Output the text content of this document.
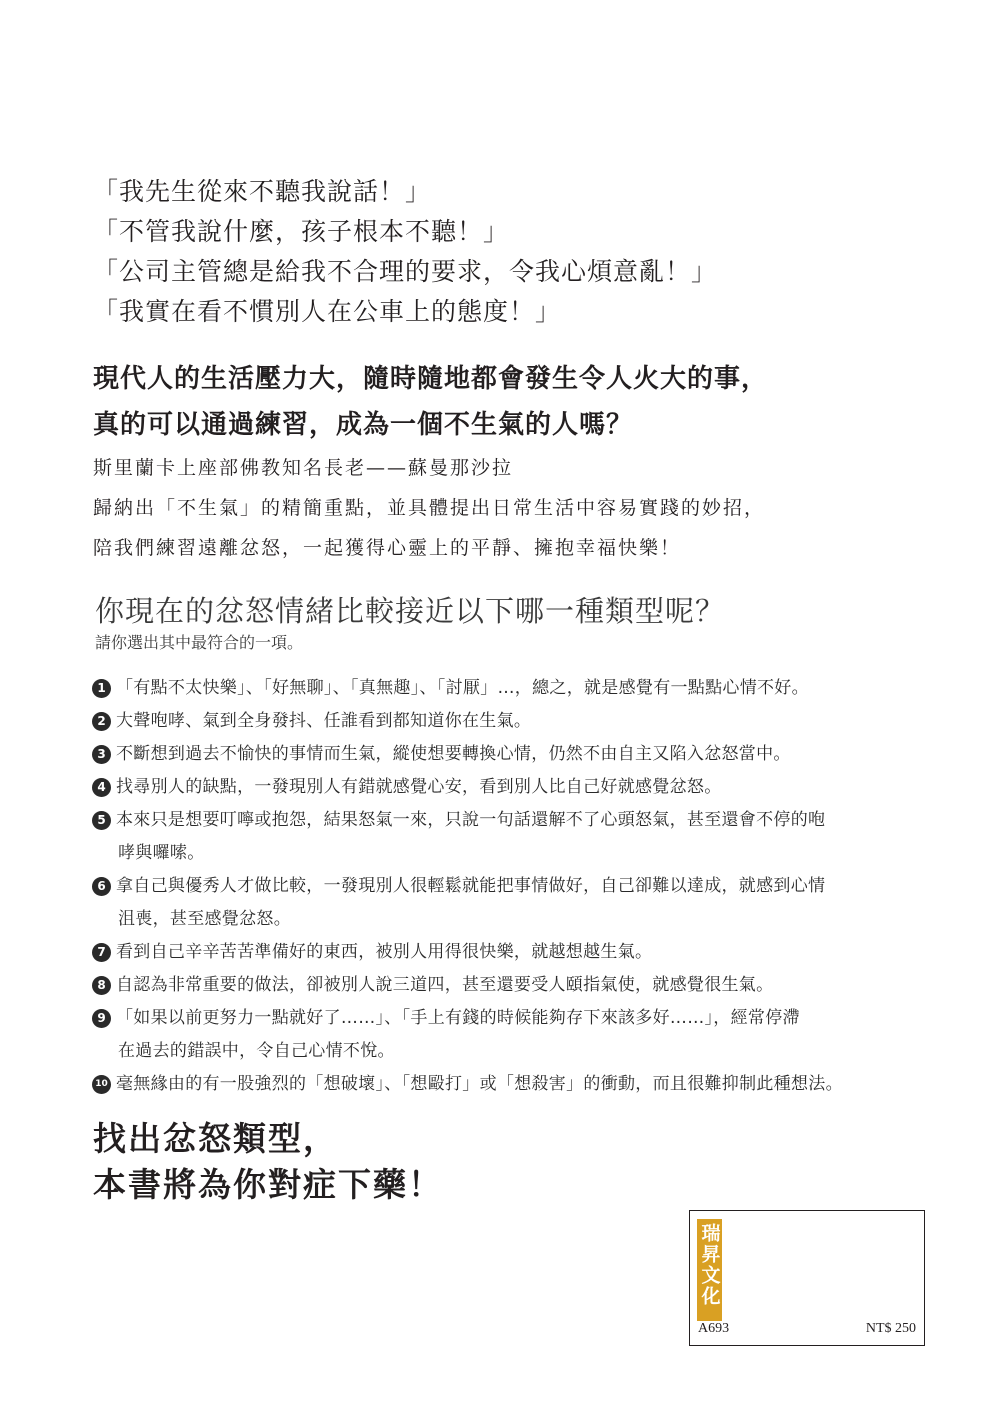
「我先生從來不聽我說話！」
「不管我說什麼，孩子根本不聽！」
「公司主管總是給我不合理的要求，令我心煩意亂！」
「我實在看不慣別人在公車上的態度！」
現代人的生活壓力大，隨時隨地都會發生令人火大的事，
真的可以通過練習，成為一個不生氣的人嗎？
斯里蘭卡上座部佛教知名長老——蘇曼那沙拉
歸納出「不生氣」的精簡重點，並具體提出日常生活中容易實踐的妙招，
陪我們練習遠離忿怒，一起獲得心靈上的平靜、擁抱幸福快樂！
你現在的忿怒情緒比較接近以下哪一種類型呢？
請你選出其中最符合的一項。
1 「有點不太快樂」、「好無聊」、「真無趣」、「討厭」…，總之，就是感覺有一點點心情不好。
2 大聲咆哮、氣到全身發抖、任誰看到都知道你在生氣。
3 不斷想到過去不愉快的事情而生氣，縱使想要轉換心情，仍然不由自主又陷入忿怒當中。
4 找尋別人的缺點，一發現別人有錯就感覺心安，看到別人比自己好就感覺忿怒。
5 本來只是想要叮嚀或抱怨，結果怒氣一來，只說一句話還解不了心頭怒氣，甚至還會不停的咆
哮與囉嗦。
6 拿自己與優秀人才做比較，一發現別人很輕鬆就能把事情做好，自己卻難以達成，就感到心情
沮喪，甚至感覺忿怒。
7 看到自己辛辛苦苦準備好的東西，被別人用得很快樂，就越想越生氣。
8 自認為非常重要的做法，卻被別人說三道四，甚至還要受人頤指氣使，就感覺很生氣。
9 「如果以前更努力一點就好了……」、「手上有錢的時候能夠存下來該多好……」，經常停滯
在過去的錯誤中，令自己心情不悅。
10 毫無緣由的有一股強烈的「想破壞」、「想毆打」或「想殺害」的衝動，而且很難抑制此種想法。
找出忿怒類型，
本書將為你對症下藥！
瑞昇文化
A693	NT$ 250
